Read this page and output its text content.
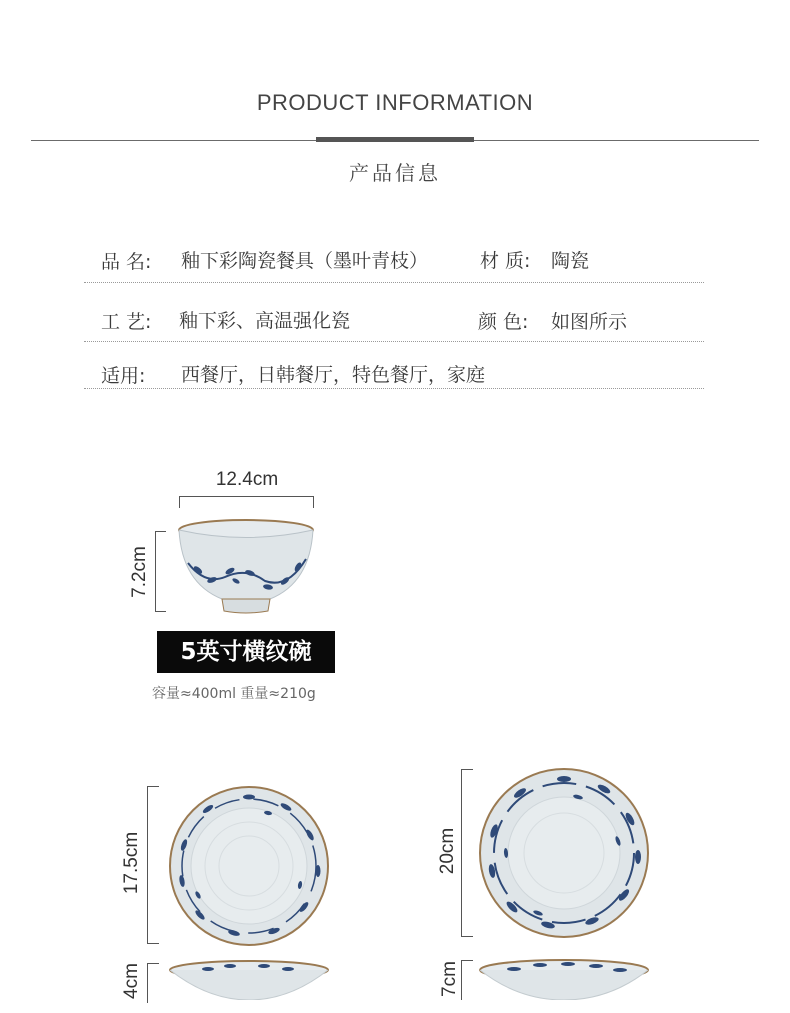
PRODUCT INFORMATION
产品信息
品 名: 釉下彩陶瓷餐具（墨叶青枝）	材 质: 陶瓷
工 艺: 釉下彩、高温强化瓷	颜 色: 如图所示
适用: 西餐厅，日韩餐厅，特色餐厅，家庭
12.4cm
7.2cm
5英寸横纹碗
容量≈400ml 重量≈210g
17.5cm
4cm
20cm
7cm
